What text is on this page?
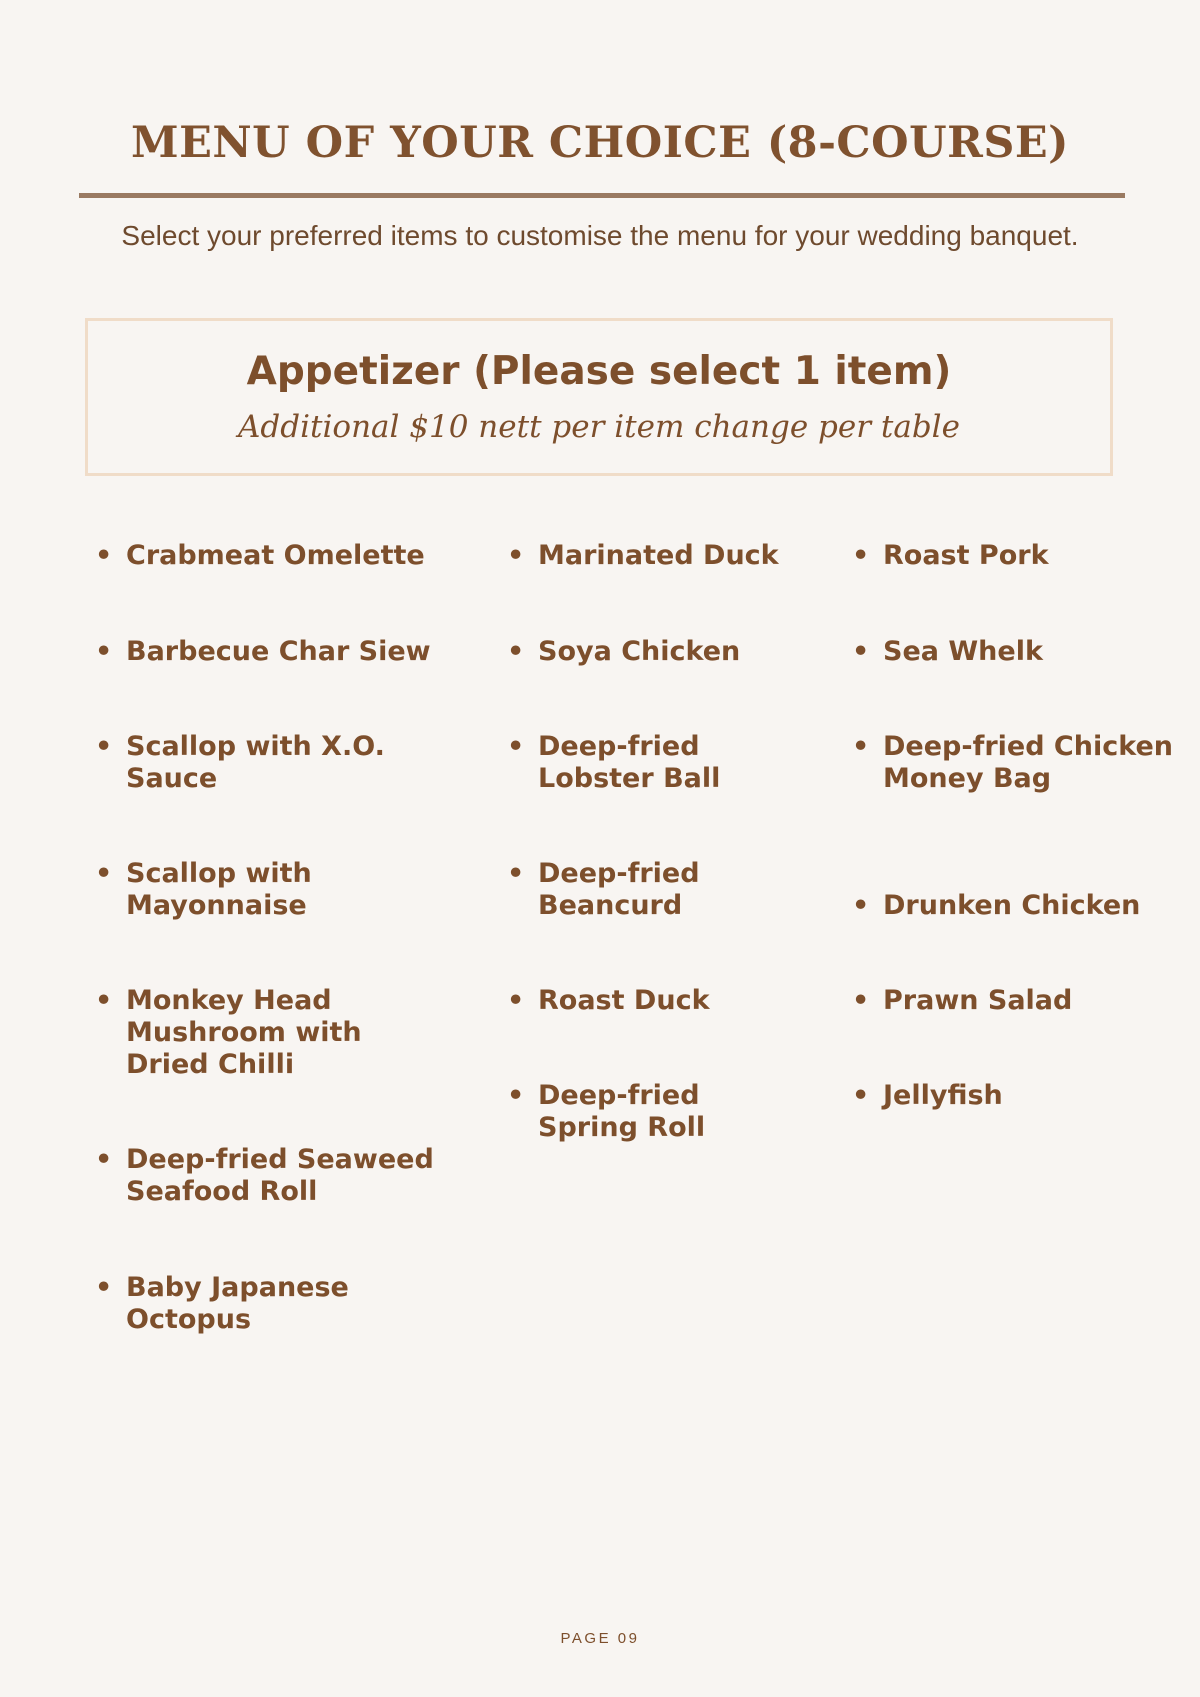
MENU OF YOUR CHOICE (8-COURSE)
Select your preferred items to customise the menu for your wedding banquet.
Appetizer (Please select 1 item)
Additional $10 nett per item change per table
• Crabmeat Omelette
• Barbecue Char Siew
• Scallop with X.O. Sauce
• Scallop with Mayonnaise
• Monkey Head Mushroom with Dried Chilli
• Deep-fried Seaweed Seafood Roll
• Baby Japanese Octopus
• Marinated Duck
• Soya Chicken
• Deep-fried Lobster Ball
• Deep-fried Beancurd
• Roast Duck
• Deep-fried Spring Roll
• Roast Pork
• Sea Whelk
• Deep-fried Chicken Money Bag
• Drunken Chicken
• Prawn Salad
• Jellyfish
PAGE 09
